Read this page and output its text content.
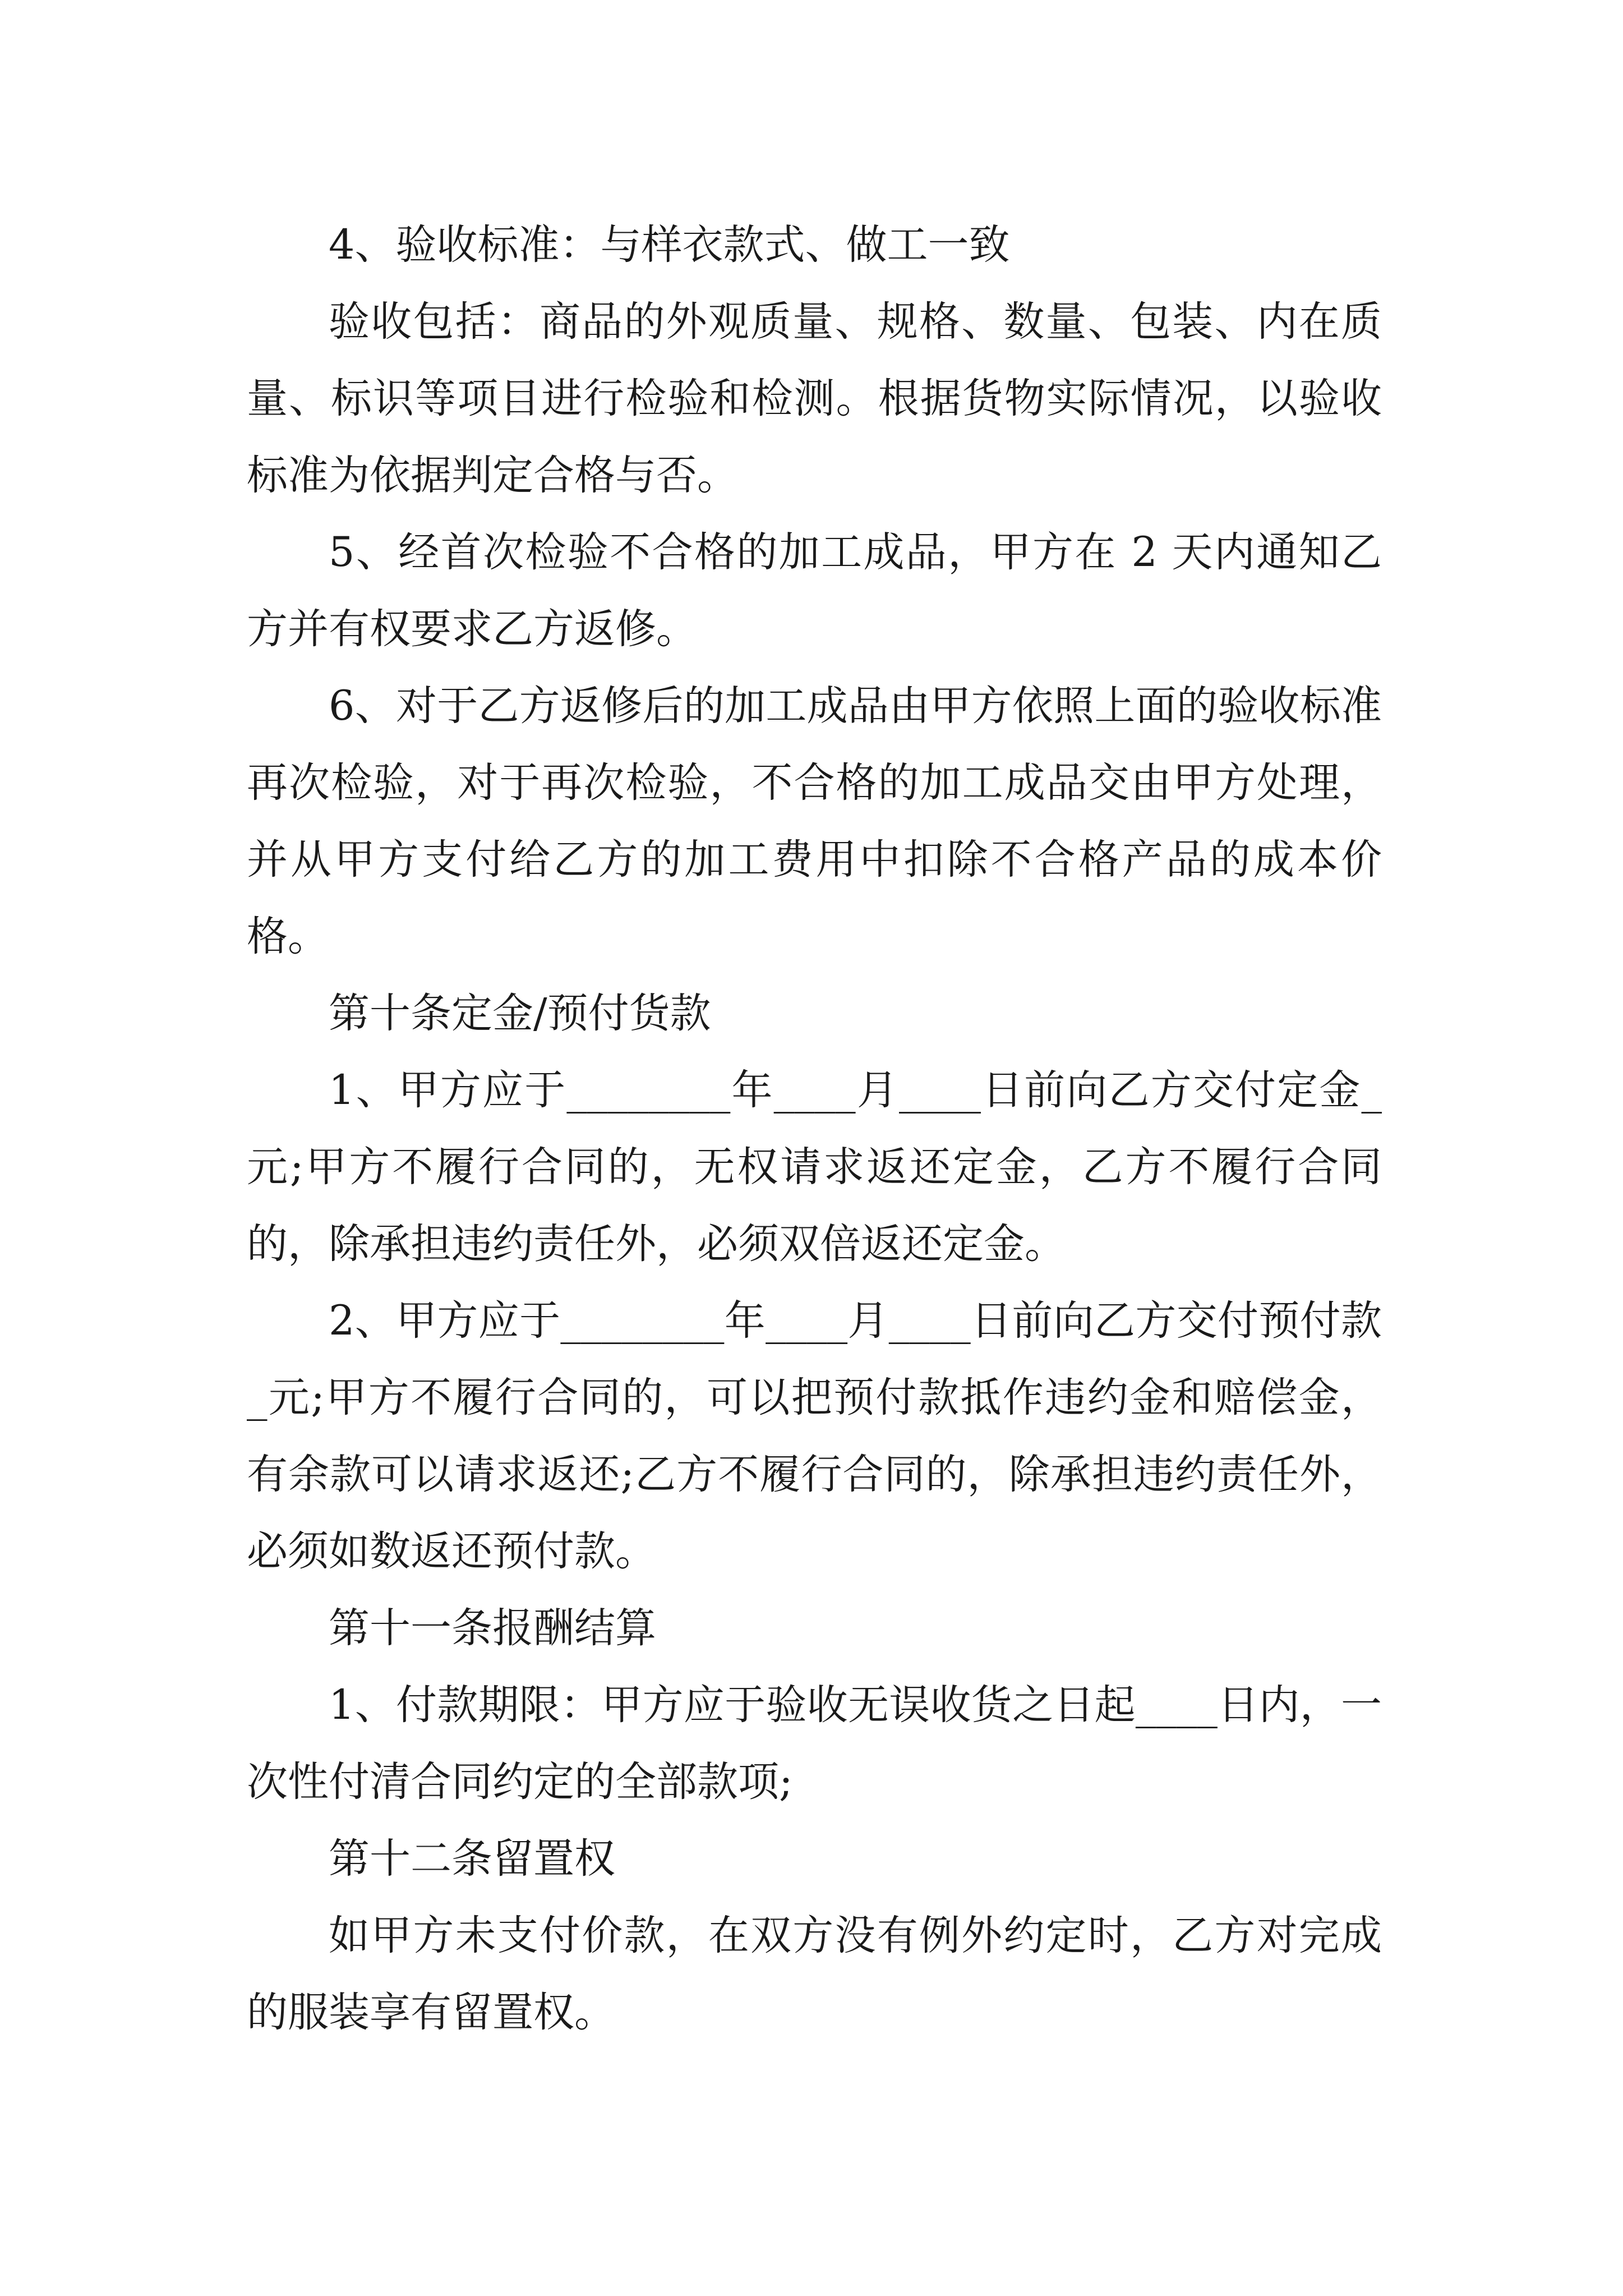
4、验收标准：与样衣款式、做工一致

验收包括：商品的外观质量、规格、数量、包装、内在质量、标识等项目进行检验和检测。根据货物实际情况，以验收标准为依据判定合格与否。

5、经首次检验不合格的加工成品，甲方在 2 天内通知乙方并有权要求乙方返修。

6、对于乙方返修后的加工成品由甲方依照上面的验收标准再次检验，对于再次检验，不合格的加工成品交由甲方处理，并从甲方支付给乙方的加工费用中扣除不合格产品的成本价格。

第十条定金/预付货款

1、甲方应于________年____月____日前向乙方交付定金_元;甲方不履行合同的，无权请求返还定金，乙方不履行合同的，除承担违约责任外，必须双倍返还定金。

2、甲方应于________年____月____日前向乙方交付预付款_元;甲方不履行合同的，可以把预付款抵作违约金和赔偿金，有余款可以请求返还;乙方不履行合同的，除承担违约责任外，必须如数返还预付款。

第十一条报酬结算

1、付款期限：甲方应于验收无误收货之日起____日内，一次性付清合同约定的全部款项;

第十二条留置权

如甲方未支付价款，在双方没有例外约定时，乙方对完成的服装享有留置权。
